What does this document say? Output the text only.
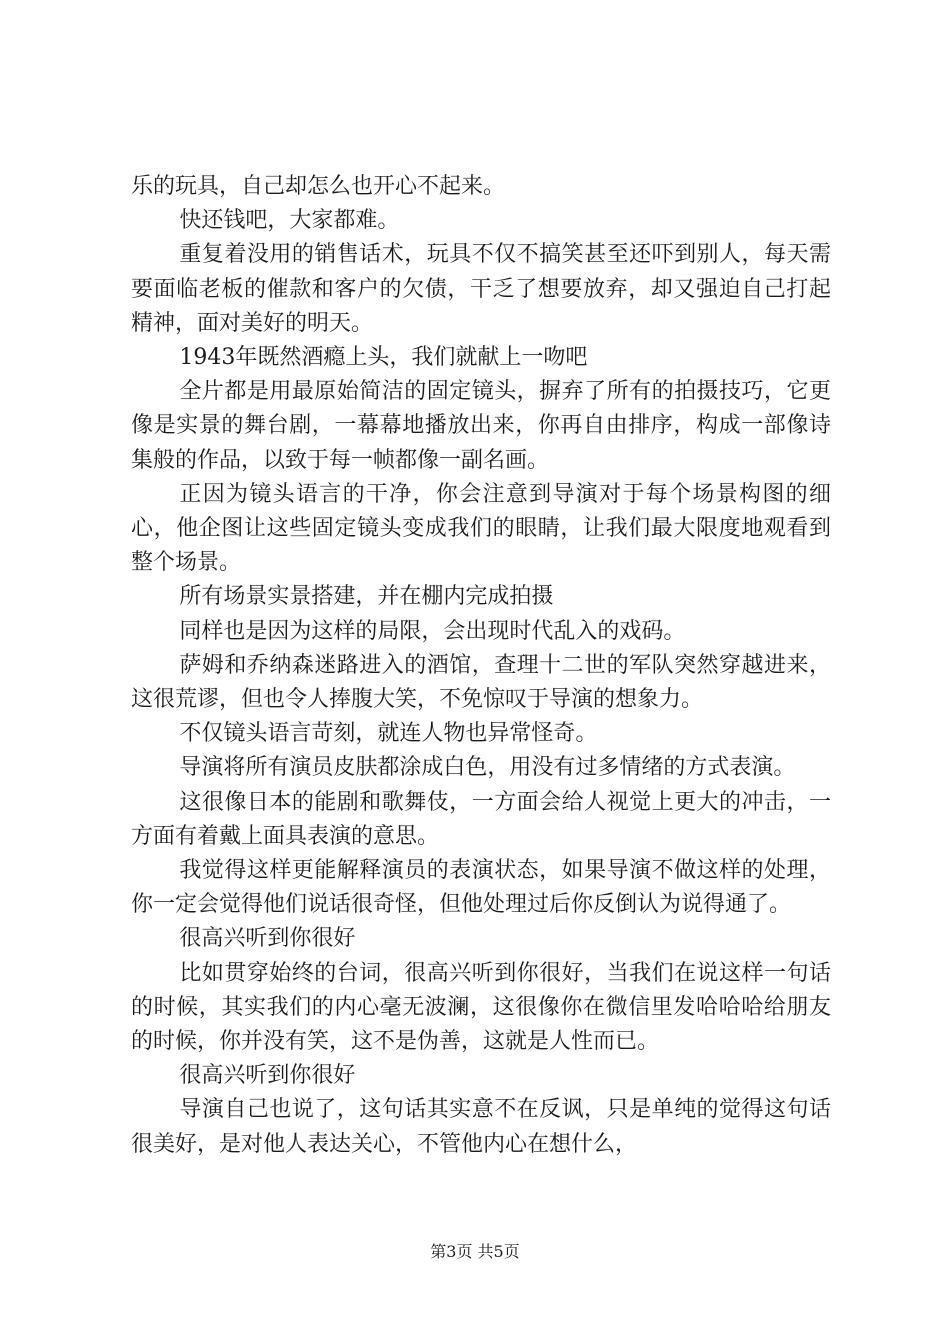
乐的玩具，自己却怎么也开心不起来。

快还钱吧，大家都难。

重复着没用的销售话术，玩具不仅不搞笑甚至还吓到别人，每天需要面临老板的催款和客户的欠债，干乏了想要放弃，却又强迫自己打起精神，面对美好的明天。

1943年既然酒瘾上头，我们就献上一吻吧

全片都是用最原始简洁的固定镜头，摒弃了所有的拍摄技巧，它更像是实景的舞台剧，一幕幕地播放出来，你再自由排序，构成一部像诗集般的作品，以致于每一帧都像一副名画。

正因为镜头语言的干净，你会注意到导演对于每个场景构图的细心，他企图让这些固定镜头变成我们的眼睛，让我们最大限度地观看到整个场景。

所有场景实景搭建，并在棚内完成拍摄

同样也是因为这样的局限，会出现时代乱入的戏码。

萨姆和乔纳森迷路进入的酒馆，查理十二世的军队突然穿越进来，这很荒谬，但也令人捧腹大笑，不免惊叹于导演的想象力。

不仅镜头语言苛刻，就连人物也异常怪奇。

导演将所有演员皮肤都涂成白色，用没有过多情绪的方式表演。

这很像日本的能剧和歌舞伎，一方面会给人视觉上更大的冲击，一方面有着戴上面具表演的意思。

我觉得这样更能解释演员的表演状态，如果导演不做这样的处理，你一定会觉得他们说话很奇怪，但他处理过后你反倒认为说得通了。

很高兴听到你很好

比如贯穿始终的台词，很高兴听到你很好，当我们在说这样一句话的时候，其实我们的内心毫无波澜，这很像你在微信里发哈哈哈给朋友的时候，你并没有笑，这不是伪善，这就是人性而已。

很高兴听到你很好

导演自己也说了，这句话其实意不在反讽，只是单纯的觉得这句话很美好，是对他人表达关心，不管他内心在想什么，

第3页 共5页
